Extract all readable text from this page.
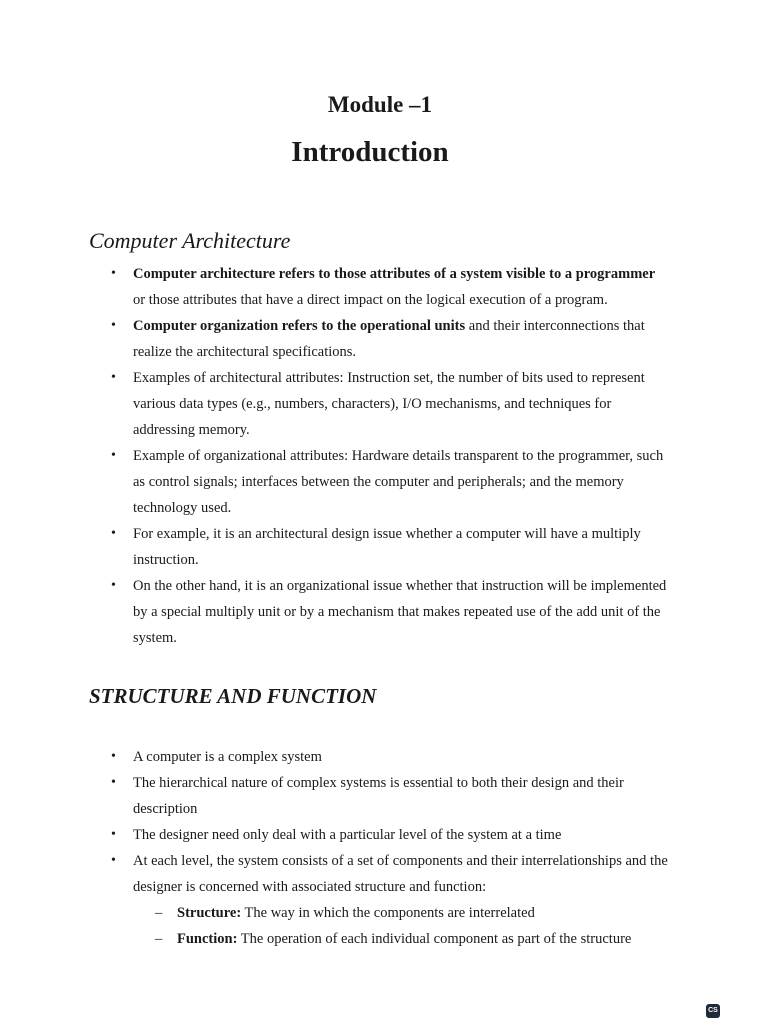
Module –1
Introduction
Computer Architecture
• Computer architecture refers to those attributes of a system visible to a programmer or those attributes that have a direct impact on the logical execution of a program.
• Computer organization refers to the operational units and their interconnections that realize the architectural specifications.
• Examples of architectural attributes: Instruction set, the number of bits used to represent various data types (e.g., numbers, characters), I/O mechanisms, and techniques for addressing memory.
• Example of organizational attributes: Hardware details transparent to the programmer, such as control signals; interfaces between the computer and peripherals; and the memory technology used.
• For example, it is an architectural design issue whether a computer will have a multiply instruction.
• On the other hand, it is an organizational issue whether that instruction will be implemented by a special multiply unit or by a mechanism that makes repeated use of the add unit of the system.
STRUCTURE AND FUNCTION
• A computer is a complex system
• The hierarchical nature of complex systems is essential to both their design and their description
• The designer need only deal with a particular level of the system at a time
• At each level, the system consists of a set of components and their interrelationships and the designer is concerned with associated structure and function:
– Structure: The way in which the components are interrelated
– Function: The operation of each individual component as part of the structure
CS
